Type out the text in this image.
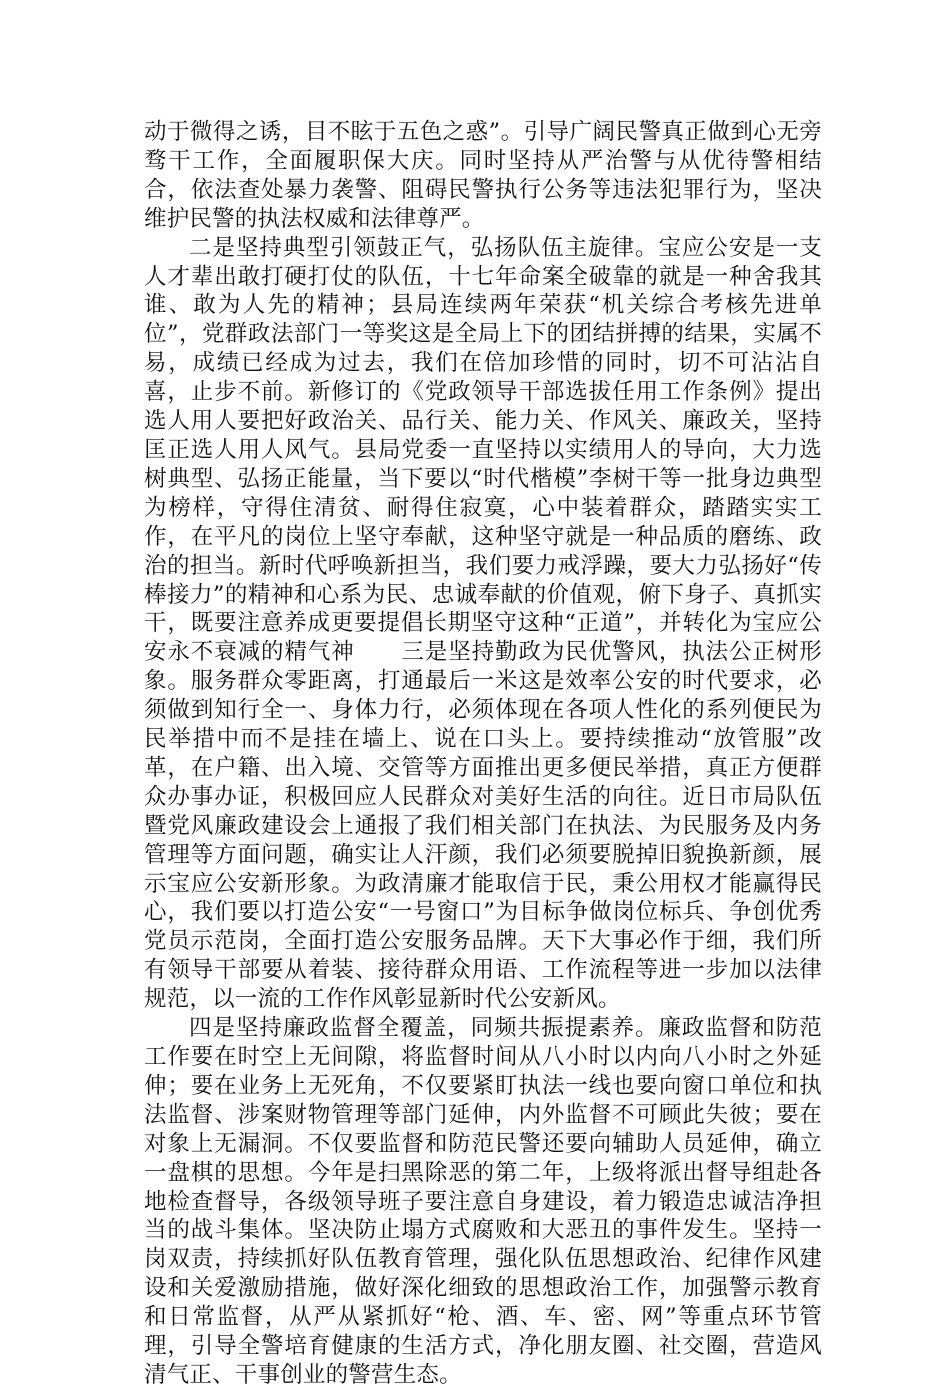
动于微得之诱，目不眩于五色之惑”。引导广阔民警真正做到心无旁骛干工作，全面履职保大庆。同时坚持从严治警与从优待警相结合，依法查处暴力袭警、阻碍民警执行公务等违法犯罪行为，坚决维护民警的执法权威和法律尊严。

二是坚持典型引领鼓正气，弘扬队伍主旋律。宝应公安是一支人才辈出敢打硬打仗的队伍，十七年命案全破靠的就是一种舍我其谁、敢为人先的精神；县局连续两年荣获“机关综合考核先进单位”，党群政法部门一等奖这是全局上下的团结拼搏的结果，实属不易，成绩已经成为过去，我们在倍加珍惜的同时，切不可沾沾自喜，止步不前。新修订的《党政领导干部选拔任用工作条例》提出选人用人要把好政治关、品行关、能力关、作风关、廉政关，坚持匡正选人用人风气。县局党委一直坚持以实绩用人的导向，大力选树典型、弘扬正能量，当下要以“时代楷模”李树干等一批身边典型为榜样，守得住清贫、耐得住寂寞，心中装着群众，踏踏实实工作，在平凡的岗位上坚守奉献，这种坚守就是一种品质的磨练、政治的担当。新时代呼唤新担当，我们要力戒浮躁，要大力弘扬好“传棒接力”的精神和心系为民、忠诚奉献的价值观，俯下身子、真抓实干，既要注意养成更要提倡长期坚守这种“正道”，并转化为宝应公安永不衰减的精气神　　三是坚持勤政为民优警风，执法公正树形象。服务群众零距离，打通最后一米这是效率公安的时代要求，必须做到知行全一、身体力行，必须体现在各项人性化的系列便民为民举措中而不是挂在墙上、说在口头上。要持续推动“放管服”改革，在户籍、出入境、交管等方面推出更多便民举措，真正方便群众办事办证，积极回应人民群众对美好生活的向往。近日市局队伍暨党风廉政建设会上通报了我们相关部门在执法、为民服务及内务管理等方面问题，确实让人汗颜，我们必须要脱掉旧貌换新颜，展示宝应公安新形象。为政清廉才能取信于民，秉公用权才能赢得民心，我们要以打造公安“一号窗口”为目标争做岗位标兵、争创优秀党员示范岗，全面打造公安服务品牌。天下大事必作于细，我们所有领导干部要从着装、接待群众用语、工作流程等进一步加以法律规范，以一流的工作作风彰显新时代公安新风。

四是坚持廉政监督全覆盖，同频共振提素养。廉政监督和防范工作要在时空上无间隙，将监督时间从八小时以内向八小时之外延伸；要在业务上无死角，不仅要紧盯执法一线也要向窗口单位和执法监督、涉案财物管理等部门延伸，内外监督不可顾此失彼；要在对象上无漏洞。不仅要监督和防范民警还要向辅助人员延伸，确立一盘棋的思想。今年是扫黑除恶的第二年，上级将派出督导组赴各地检查督导，各级领导班子要注意自身建设，着力锻造忠诚洁净担当的战斗集体。坚决防止塌方式腐败和大恶丑的事件发生。坚持一岗双责，持续抓好队伍教育管理，强化队伍思想政治、纪律作风建设和关爱激励措施，做好深化细致的思想政治工作，加强警示教育和日常监督，从严从紧抓好“枪、酒、车、密、网”等重点环节管理，引导全警培育健康的生活方式，净化朋友圈、社交圈，营造风清气正、干事创业的警营生态。
